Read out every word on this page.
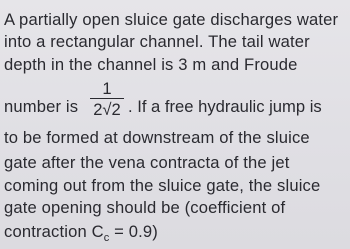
A partially open sluice gate discharges water
into a rectangular channel. The tail water
depth in the channel is 3 m and Froude
number is
1
2√2 . If a free hydraulic jump is
to be formed at downstream of the sluice
gate after the vena contracta of the jet
coming out from the sluice gate, the sluice
gate opening should be (coefficient of
contraction $C_c = 0.9$)
